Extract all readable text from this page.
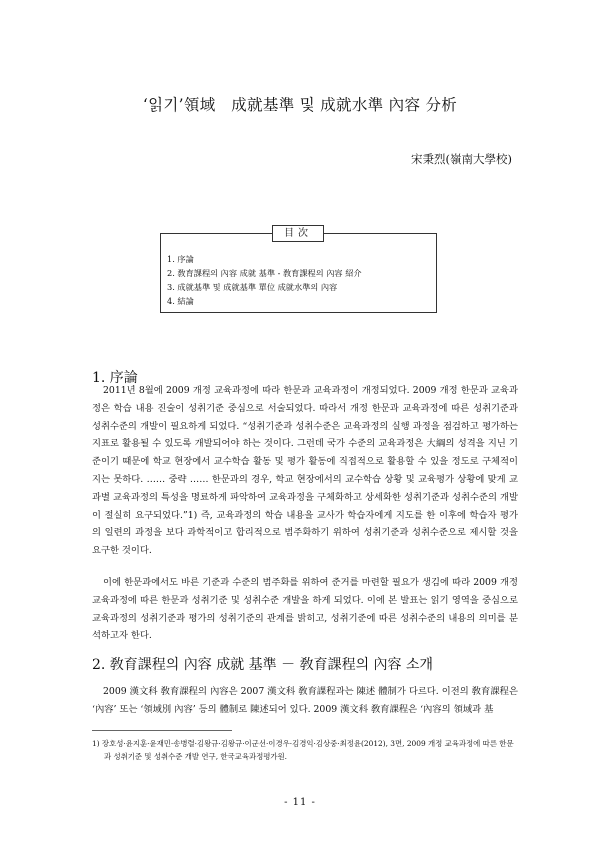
‘읽기’領域　成就基準 및 成就水準 內容 分析
宋秉烈(嶺南大學校)
1. 序論
2. 敎育課程의 內容 成就 基準 - 敎育課程의 內容 紹介
3. 成就基準 및 成就基準 單位 成就水準의 內容
4. 結論
目次
1. 序論

2011년 8월에 2009 개정 교육과정에 따라 한문과 교육과정이 개정되었다. 2009 개정 한문과 교육과정은 학습 내용 진술이 성취기준 중심으로 서술되었다. 따라서 개정 한문과 교육과정에 따른 성취기준과 성취수준의 개발이 필요하게 되었다. “성취기준과 성취수준은 교육과정의 실행 과정을 점검하고 평가하는 지표로 활용될 수 있도록 개발되어야 하는 것이다. 그런데 국가 수준의 교육과정은 大綱의 성격을 지닌 기준이기 때문에 학교 현장에서 교수학습 활동 및 평가 활동에 직접적으로 활용할 수 있을 정도로 구체적이지는 못하다. …… 중략 …… 한문과의 경우, 학교 현장에서의 교수학습 상황 및 교육평가 상황에 맞게 교과별 교육과정의 특성을 명료하게 파악하여 교육과정을 구체화하고 상세화한 성취기준과 성취수준의 개발이 절실히 요구되었다.”1) 즉, 교육과정의 학습 내용을 교사가 학습자에게 지도를 한 이후에 학습자 평가의 일련의 과정을 보다 과학적이고 합리적으로 범주화하기 위하여 성취기준과 성취수준으로 제시할 것을 요구한 것이다.

이에 한문과에서도 바른 기준과 수준의 범주화를 위하여 준거를 마련할 필요가 생김에 따라 2009 개정 교육과정에 따른 한문과 성취기준 및 성취수준 개발을 하게 되었다. 이에 본 발표는 읽기 영역을 중심으로 교육과정의 성취기준과 평가의 성취기준의 관계를 밝히고, 성취기준에 따른 성취수준의 내용의 의미를 분석하고자 한다.

2. 敎育課程의 內容 成就 基準 － 敎育課程의 內容 소개

2009 漢文科 敎育課程의 內容은 2007 漢文科 敎育課程과는 陳述 體制가 다르다. 이전의 敎育課程은 ‘內容’ 또는 ‘領域別 內容’ 등의 體制로 陳述되어 있다. 2009 漢文科 敎育課程은 ‘內容의 領域과 基

1) 장호성·윤지훈·윤재민·송병렬·김왕규·김왕규·이군선·이경우·김경익·김상중·최정윤(2012), 3면, 2009 개정 교육과정에 따른 한문과 성취기준 및 성취수준 개발 연구, 한국교육과정평가원.

- 11 -
